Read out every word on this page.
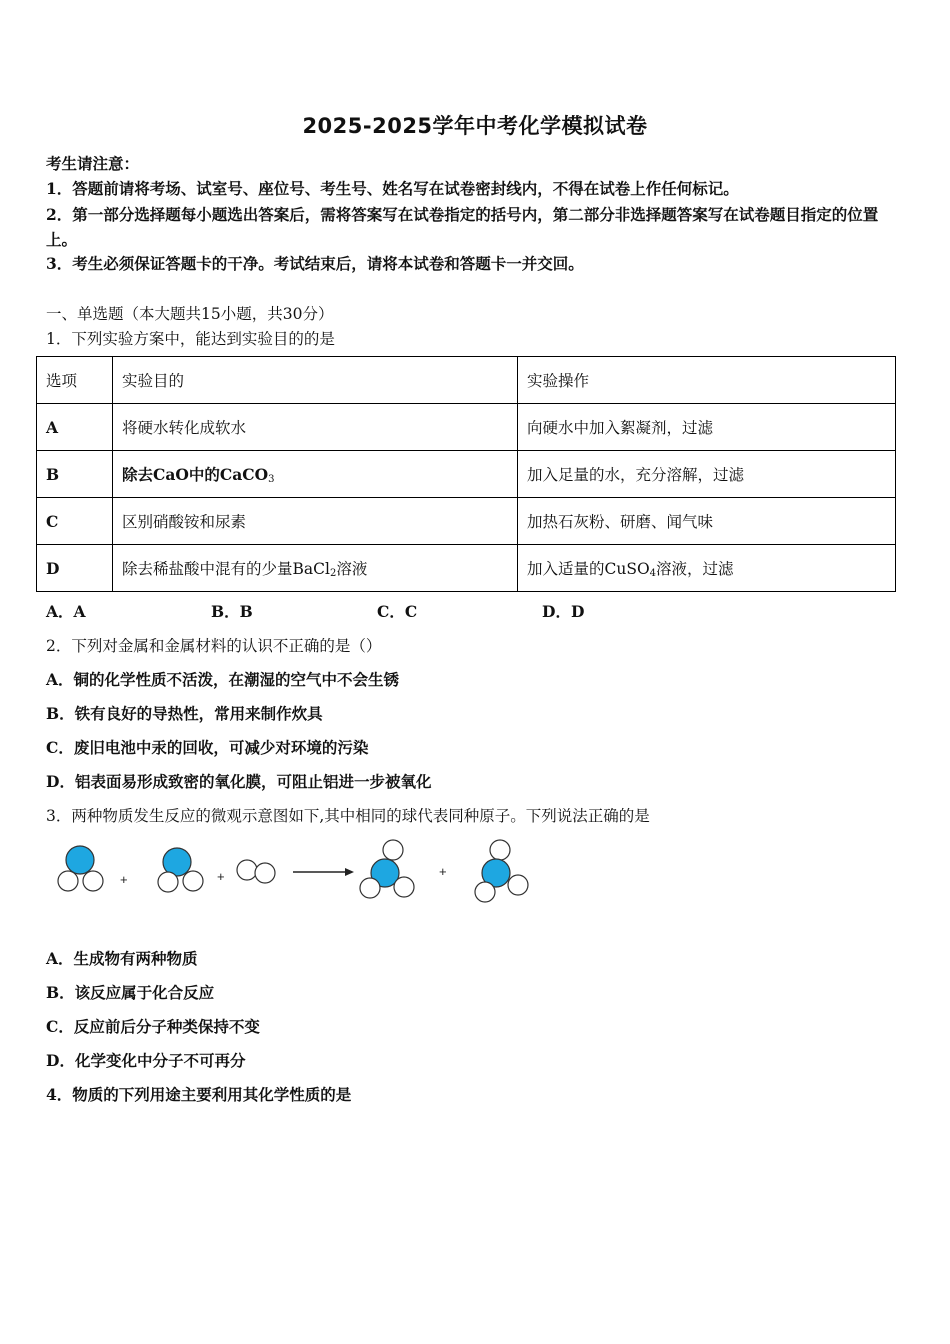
2025-2025学年中考化学模拟试卷
考生请注意：
1．答题前请将考场、试室号、座位号、考生号、姓名写在试卷密封线内，不得在试卷上作任何标记。
2．第一部分选择题每小题选出答案后，需将答案写在试卷指定的括号内，第二部分非选择题答案写在试卷题目指定的位置上。
3．考生必须保证答题卡的干净。考试结束后，请将本试卷和答题卡一并交回。
一、单选题（本大题共15小题，共30分）
1．下列实验方案中，能达到实验目的的是
选项	实验目的	实验操作
A	将硬水转化成软水	向硬水中加入絮凝剂，过滤
B	除去CaO中的CaCO$_3$	加入足量的水，充分溶解，过滤
C	区别硝酸铵和尿素	加热石灰粉、研磨、闻气味
D	除去稀盐酸中混有的少量BaCl$_2$溶液	加入适量的CuSO$_4$溶液，过滤
A．A	B．B	C．C	D．D
2．下列对金属和金属材料的认识不正确的是（）
A．铜的化学性质不活泼，在潮湿的空气中不会生锈
B．铁有良好的导热性，常用来制作炊具
C．废旧电池中汞的回收，可减少对环境的污染
D．铝表面易形成致密的氧化膜，可阻止铝进一步被氧化
3．两种物质发生反应的微观示意图如下,其中相同的球代表同种原子。下列说法正确的是
+	+	+
A．生成物有两种物质
B．该反应属于化合反应
C．反应前后分子种类保持不变
D．化学变化中分子不可再分
4．物质的下列用途主要利用其化学性质的是
